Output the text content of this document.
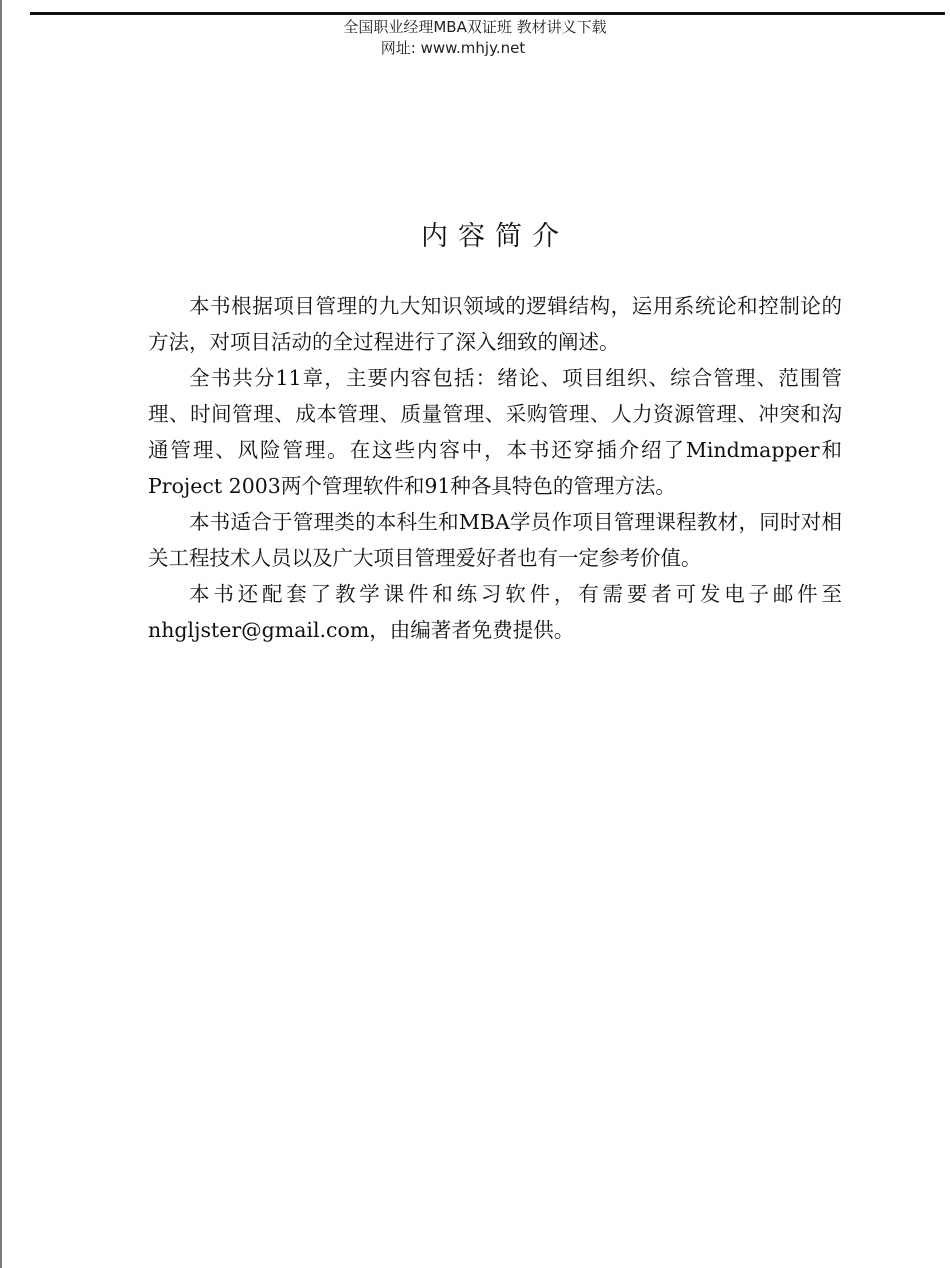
全国职业经理MBA双证班 教材讲义下载
网址: www.mhjy.net
内容简介

本书根据项目管理的九大知识领域的逻辑结构，运用系统论和控制论的方法，对项目活动的全过程进行了深入细致的阐述。

全书共分11章，主要内容包括：绪论、项目组织、综合管理、范围管理、时间管理、成本管理、质量管理、采购管理、人力资源管理、冲突和沟通管理、风险管理。在这些内容中，本书还穿插介绍了Mindmapper和Project 2003两个管理软件和91种各具特色的管理方法。

本书适合于管理类的本科生和MBA学员作项目管理课程教材，同时对相关工程技术人员以及广大项目管理爱好者也有一定参考价值。

本书还配套了教学课件和练习软件，有需要者可发电子邮件至nhgljster@gmail.com，由编著者免费提供。
